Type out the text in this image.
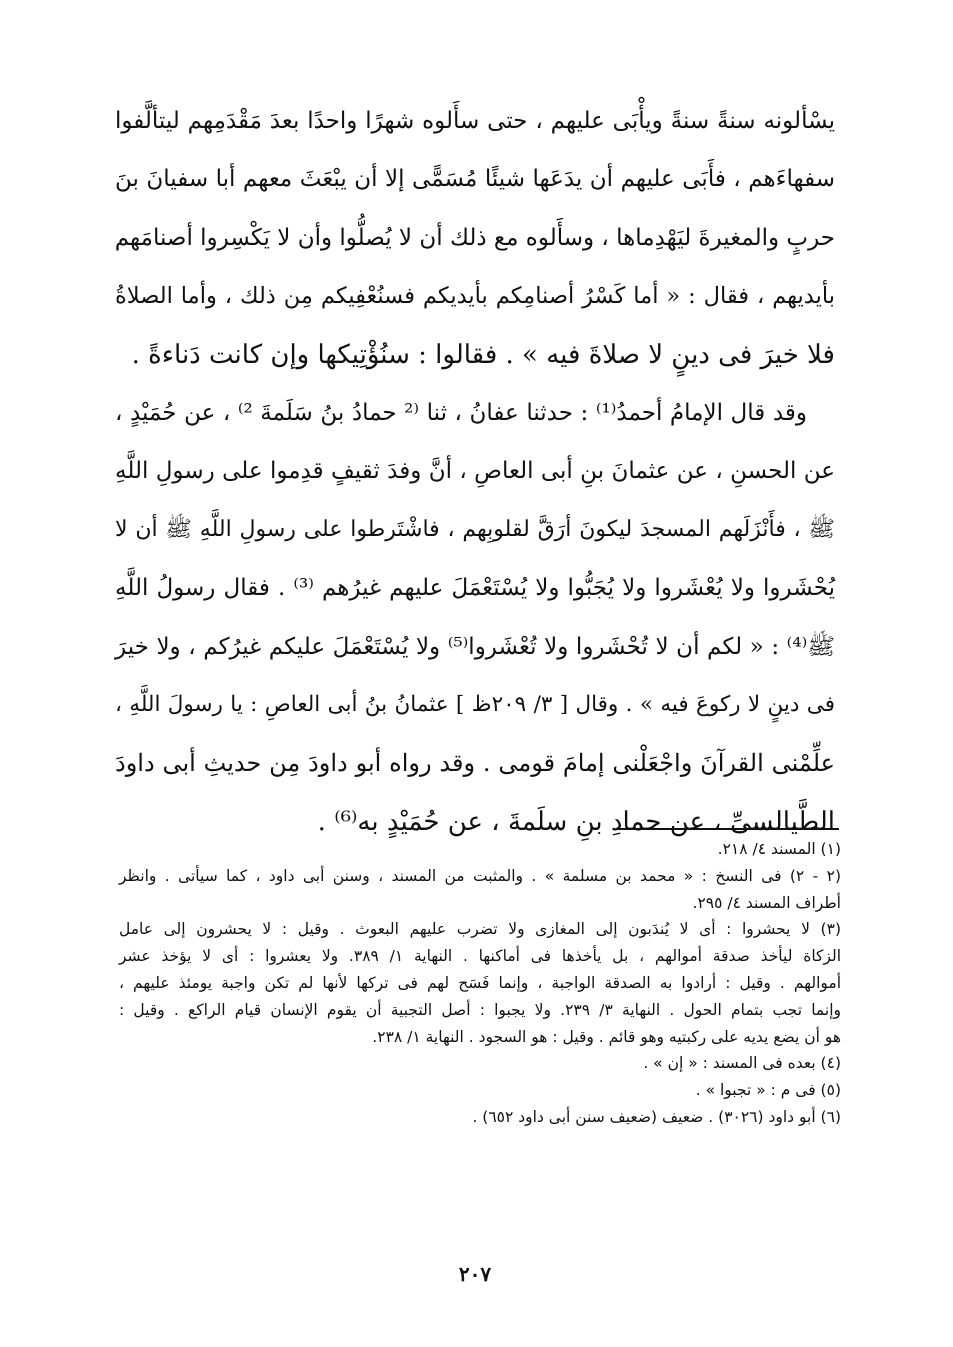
يسْألونه سنةً سنةً ويأْبَى عليهم ، حتى سأَلوه شهرًا واحدًا بعدَ مَقْدَمِهم ليتألَّفوا
سفهاءَهم ، فأَبَى عليهم أن يدَعَها شيئًا مُسَمًّى إلا أن يبْعَثَ معهم أبا سفيانَ بنَ
حربٍ والمغيرةَ ليَهْدِماها ، وسأَلوه مع ذلك أن لا يُصلُّوا وأن لا يَكْسِروا أصنامَهم
بأيديهم ، فقال : « أما كَسْرُ أصنامِكم بأيديكم فسنُعْفِيكم مِن ذلك ، وأما الصلاةُ
فلا خيرَ فى دينٍ لا صلاةَ فيه » . فقالوا : سنُؤْتِيكها وإن كانت دَناءةً .
وقد قال الإمامُ أحمدُ⁽¹⁾ : حدثنا عفانُ ، ثنا ⁽² حمادُ بنُ سَلَمةَ ²⁾ ، عن حُمَيْدٍ ،
عن الحسنِ ، عن عثمانَ بنِ أبى العاصِ ، أنَّ وفدَ ثقيفٍ قدِموا على رسولِ اللَّهِ
ﷺ ، فأَنْزَلَهم المسجدَ ليكونَ أرَقَّ لقلوبِهم ، فاشْتَرطوا على رسولِ اللَّهِ ﷺ أن لا
يُحْشَروا ولا يُعْشَروا ولا يُجَبُّوا ولا يُسْتَعْمَلَ عليهم غيرُهم ⁽³⁾ . فقال رسولُ اللَّهِ
ﷺ⁽⁴⁾ : « لكم أن لا تُحْشَروا ولا تُعْشَروا⁽⁵⁾ ولا يُسْتَعْمَلَ عليكم غيرُكم ، ولا خيرَ
فى دينٍ لا ركوعَ فيه » . وقال [ ٣/ ٢٠٩ظ ] عثمانُ بنُ أبى العاصِ : يا رسولَ اللَّهِ ،
علِّمْنى القرآنَ واجْعَلْنى إمامَ قومى . وقد رواه أبو داودَ مِن حديثِ أبى داودَ
الطَّيالسىِّ ، عن حمادِ بنِ سلَمةَ ، عن حُمَيْدٍ به⁽⁶⁾ .
(١) المسند ٤/ ٢١٨.
(٢ - ٢) فى النسخ : « محمد بن مسلمة » . والمثبت من المسند ، وسنن أبى داود ، كما سيأتى . وانظر
أطراف المسند ٤/ ٢٩٥.
(٣) لا يحشروا : أى لا يُندَبون إلى المغازى ولا تضرب عليهم البعوث . وقيل : لا يحشرون إلى عامل
الزكاة ليأخذ صدقة أموالهم ، بل يأخذها فى أماكنها . النهاية ١/ ٣٨٩. ولا يعشروا : أى لا يؤخذ عشر
أموالهم . وقيل : أرادوا به الصدقة الواجبة ، وإنما فَسَح لهم فى تركها لأنها لم تكن واجبة يومئذ عليهم ،
وإنما تجب بتمام الحول . النهاية ٣/ ٢٣٩. ولا يجبوا : أصل التجبية أن يقوم الإنسان قيام الراكع . وقيل :
هو أن يضع يديه على ركبتيه وهو قائم . وقيل : هو السجود . النهاية ١/ ٢٣٨.
(٤) بعده فى المسند : « إن » .
(٥) فى م : « تجبوا » .
(٦) أبو داود (٣٠٢٦) . ضعيف (ضعيف سنن أبى داود ٦٥٢) .
٢٠٧
